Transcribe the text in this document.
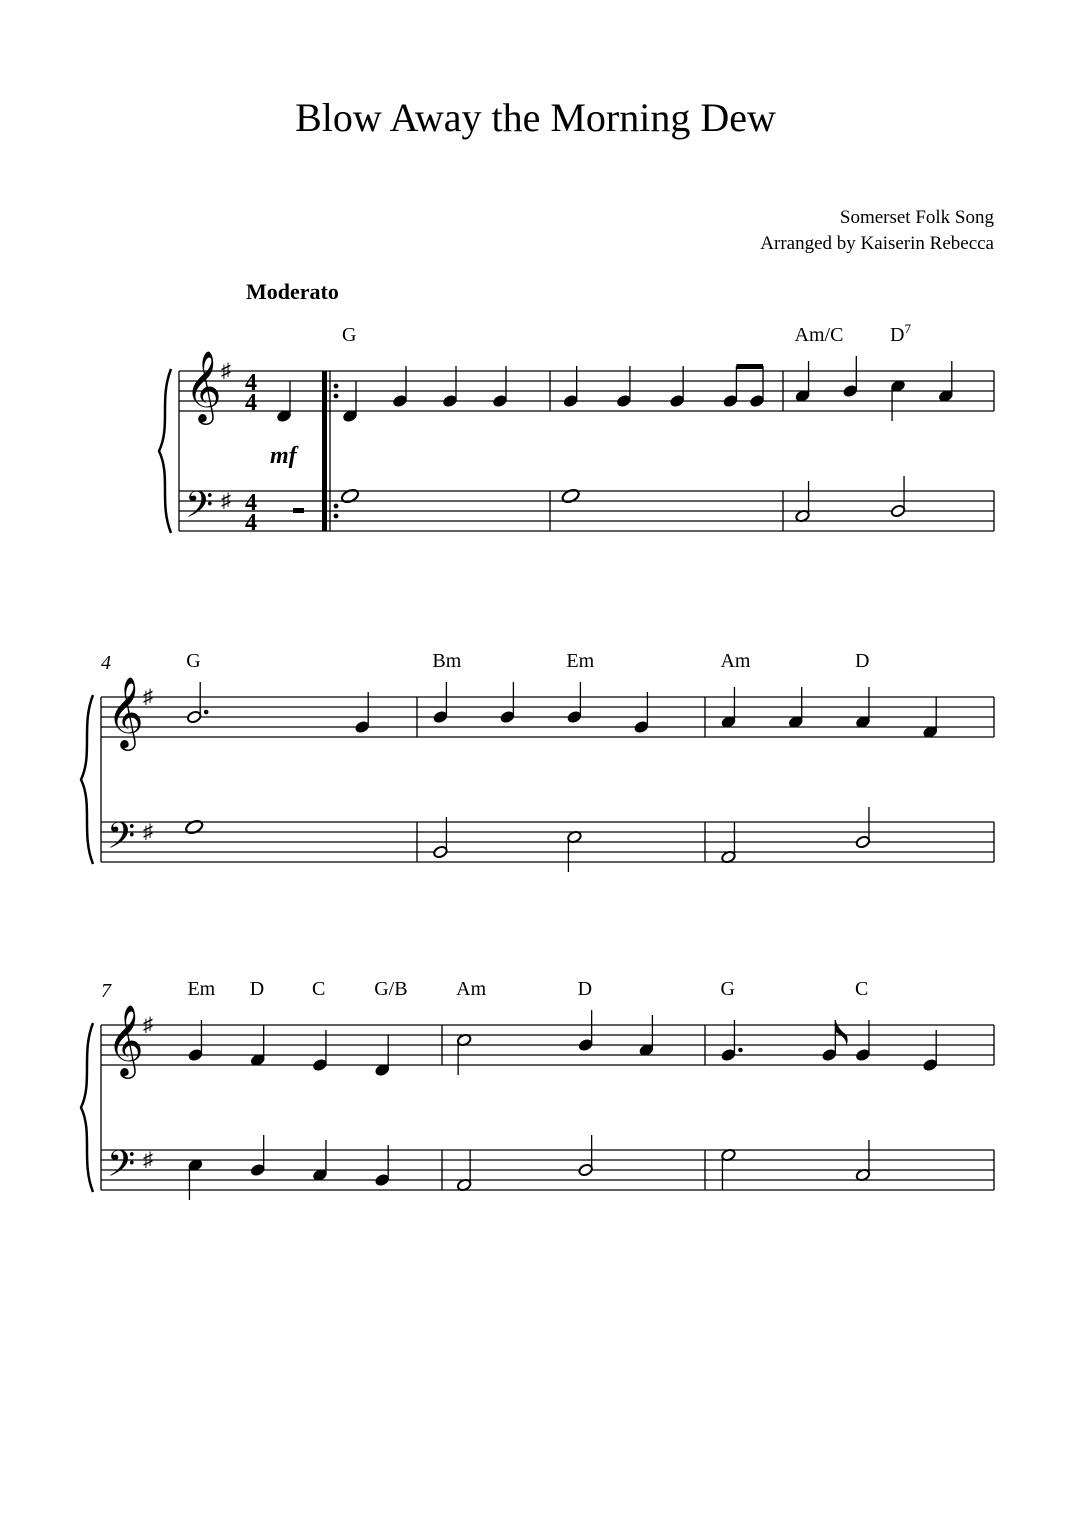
Blow Away the Morning Dew
Somerset Folk Song
Arranged by Kaiserin Rebecca
Moderato
𝄞
𝄢
♯
♯
4
4
4
4
mf
G	Am/C $D^7$
𝄞
𝄢
♯
♯
4	G	Bm	Em	Am	D
𝄞
𝄢
♯
♯
7	Em D C G/B Am	D	G	C
